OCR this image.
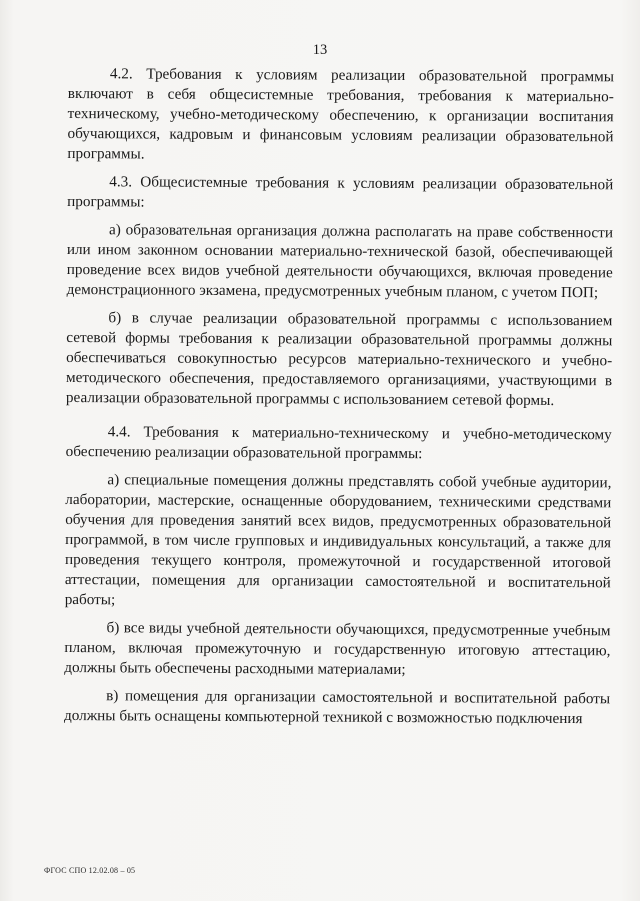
13

4.2. Требования к условиям реализации образовательной программы включают в себя общесистемные требования, требования к материально-техническому, учебно-методическому обеспечению, к организации воспитания обучающихся, кадровым и финансовым условиям реализации образовательной программы.

4.3. Общесистемные требования к условиям реализации образовательной программы:

а) образовательная организация должна располагать на праве собственности или ином законном основании материально-технической базой, обеспечивающей проведение всех видов учебной деятельности обучающихся, включая проведение демонстрационного экзамена, предусмотренных учебным планом, с учетом ПОП;

б) в случае реализации образовательной программы с использованием сетевой формы требования к реализации образовательной программы должны обеспечиваться совокупностью ресурсов материально-технического и учебно-методического обеспечения, предоставляемого организациями, участвующими в реализации образовательной программы с использованием сетевой формы.

4.4. Требования к материально-техническому и учебно-методическому обеспечению реализации образовательной программы:

а) специальные помещения должны представлять собой учебные аудитории, лаборатории, мастерские, оснащенные оборудованием, техническими средствами обучения для проведения занятий всех видов, предусмотренных образовательной программой, в том числе групповых и индивидуальных консультаций, а также для проведения текущего контроля, промежуточной и государственной итоговой аттестации, помещения для организации самостоятельной и воспитательной работы;

б) все виды учебной деятельности обучающихся, предусмотренные учебным планом, включая промежуточную и государственную итоговую аттестацию, должны быть обеспечены расходными материалами;

в) помещения для организации самостоятельной и воспитательной работы должны быть оснащены компьютерной техникой с возможностью подключения

ФГОС СПО 12.02.08 – 05
